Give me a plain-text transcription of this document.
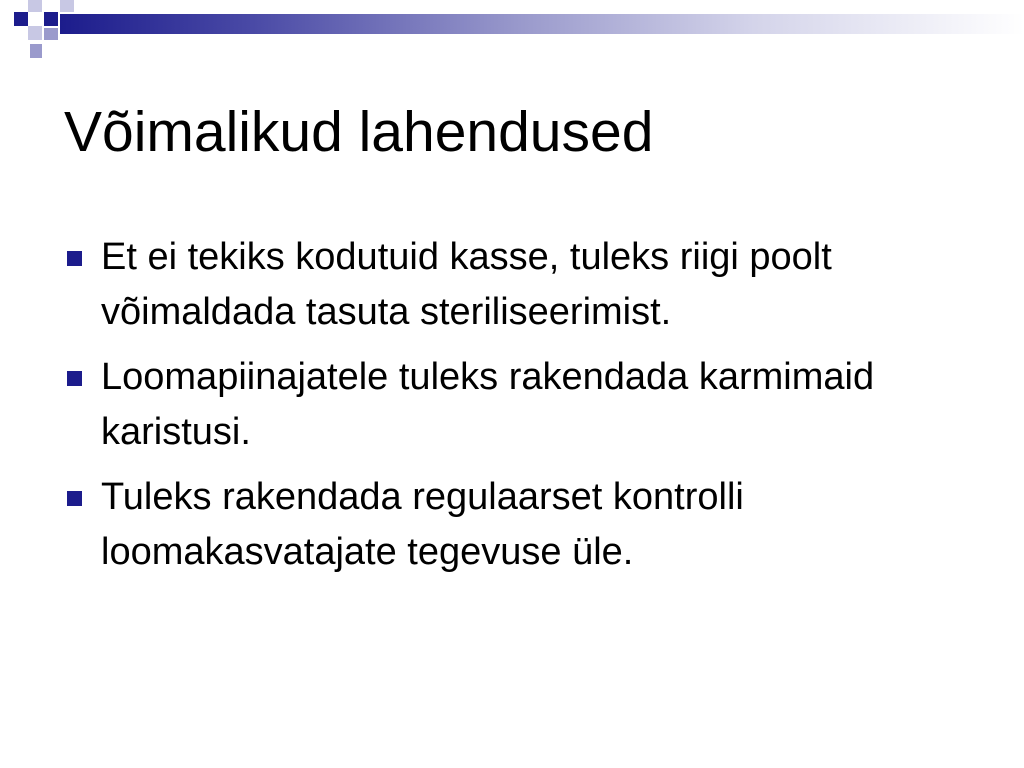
Võimalikud lahendused
Et ei tekiks kodutuid kasse, tuleks riigi poolt võimaldada tasuta steriliseerimist.
Loomapiinajatele tuleks rakendada karmimaid karistusi.
Tuleks rakendada regulaarset kontrolli loomakasvatajate tegevuse üle.
